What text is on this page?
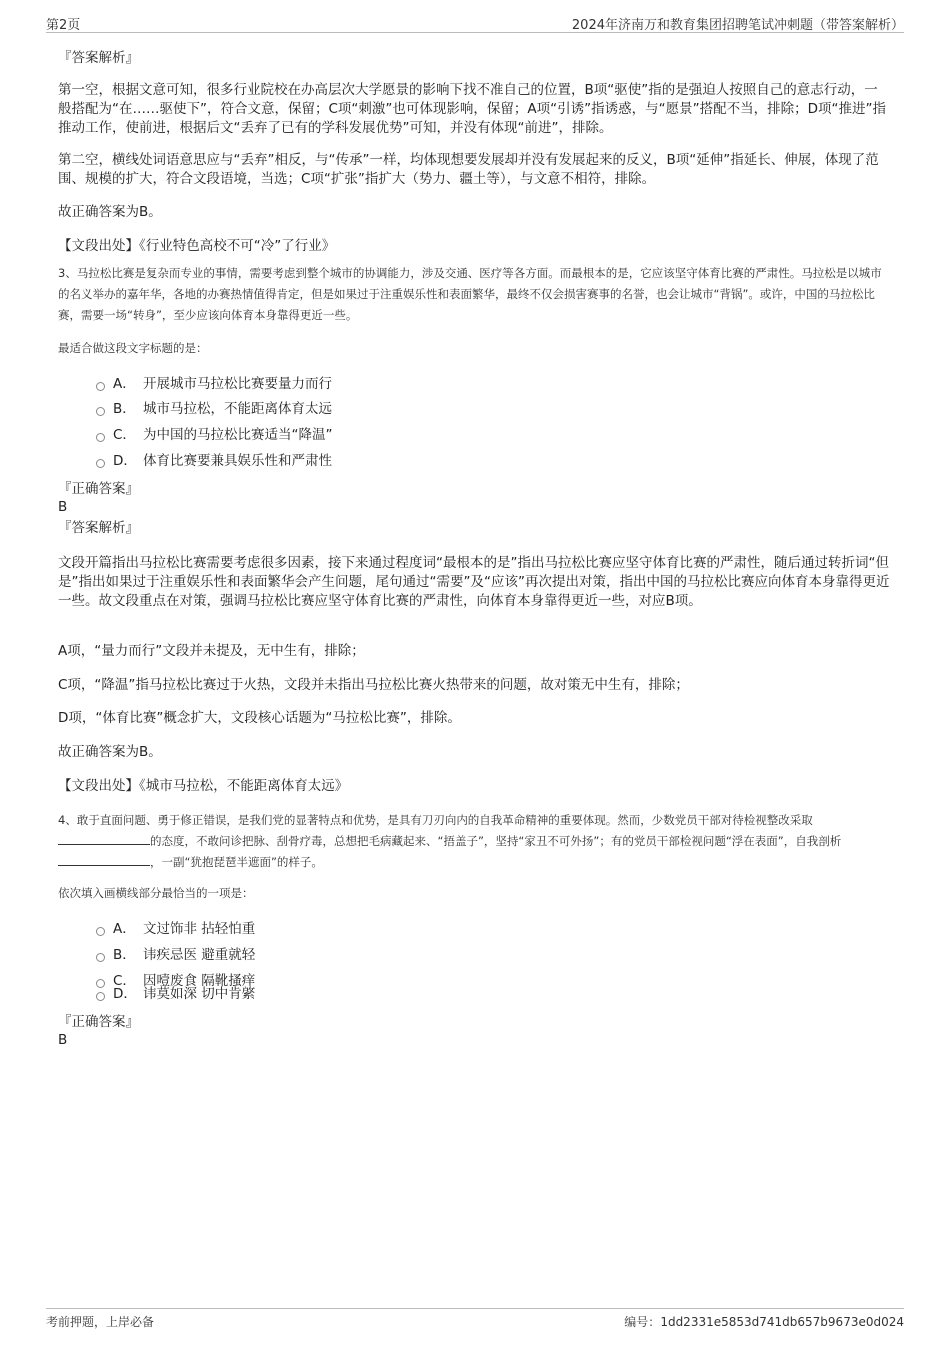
第2页	2024年济南万和教育集团招聘笔试冲刺题（带答案解析）
『答案解析』
第一空，根据文意可知，很多行业院校在办高层次大学愿景的影响下找不准自己的位置，B项“驱使”指的是强迫人按照自己的意志行动，一般搭配为“在……驱使下”，符合文意，保留；C项“刺激”也可体现影响，保留；A项“引诱”指诱惑，与“愿景”搭配不当，排除；D项“推进”指推动工作，使前进，根据后文“丢弃了已有的学科发展优势”可知，并没有体现“前进”，排除。
第二空，横线处词语意思应与“丢弃”相反，与“传承”一样，均体现想要发展却并没有发展起来的反义，B项“延伸”指延长、伸展，体现了范围、规模的扩大，符合文段语境，当选；C项“扩张”指扩大（势力、疆土等），与文意不相符，排除。
故正确答案为B。
【文段出处】《行业特色高校不可“冷”了行业》
3、马拉松比赛是复杂而专业的事情，需要考虑到整个城市的协调能力，涉及交通、医疗等各方面。而最根本的是，它应该坚守体育比赛的严肃性。马拉松是以城市的名义举办的嘉年华，各地的办赛热情值得肯定，但是如果过于注重娱乐性和表面繁华，最终不仅会损害赛事的名誉，也会让城市“背锅”。或许，中国的马拉松比赛，需要一场“转身”，至少应该向体育本身靠得更近一些。
最适合做这段文字标题的是：
A． 开展城市马拉松比赛要量力而行
B． 城市马拉松，不能距离体育太远
C． 为中国的马拉松比赛适当“降温”
D． 体育比赛要兼具娱乐性和严肃性
『正确答案』
B
『答案解析』
文段开篇指出马拉松比赛需要考虑很多因素，接下来通过程度词“最根本的是”指出马拉松比赛应坚守体育比赛的严肃性，随后通过转折词“但是”指出如果过于注重娱乐性和表面繁华会产生问题，尾句通过“需要”及“应该”再次提出对策，指出中国的马拉松比赛应向体育本身靠得更近一些。故文段重点在对策，强调马拉松比赛应坚守体育比赛的严肃性，向体育本身靠得更近一些，对应B项。
A项，“量力而行”文段并未提及，无中生有，排除；
C项，“降温”指马拉松比赛过于火热，文段并未指出马拉松比赛火热带来的问题，故对策无中生有，排除；
D项，“体育比赛”概念扩大，文段核心话题为“马拉松比赛”，排除。
故正确答案为B。
【文段出处】《城市马拉松，不能距离体育太远》
4、敢于直面问题、勇于修正错误，是我们党的显著特点和优势，是具有刀刃向内的自我革命精神的重要体现。然而，少数党员干部对待检视整改采取的态度，不敢问诊把脉、刮骨疗毒，总想把毛病藏起来、“捂盖子”，坚持“家丑不可外扬”；有的党员干部检视问题“浮在表面”，自我剖析，一副“犹抱琵琶半遮面”的样子。
依次填入画横线部分最恰当的一项是：
A． 文过饰非 拈轻怕重
B． 讳疾忌医 避重就轻
C． 因噎废食 隔靴搔痒
D． 讳莫如深 切中肯綮
『正确答案』
B
考前押题，上岸必备	编号：1dd2331e5853d741db657b9673e0d024
